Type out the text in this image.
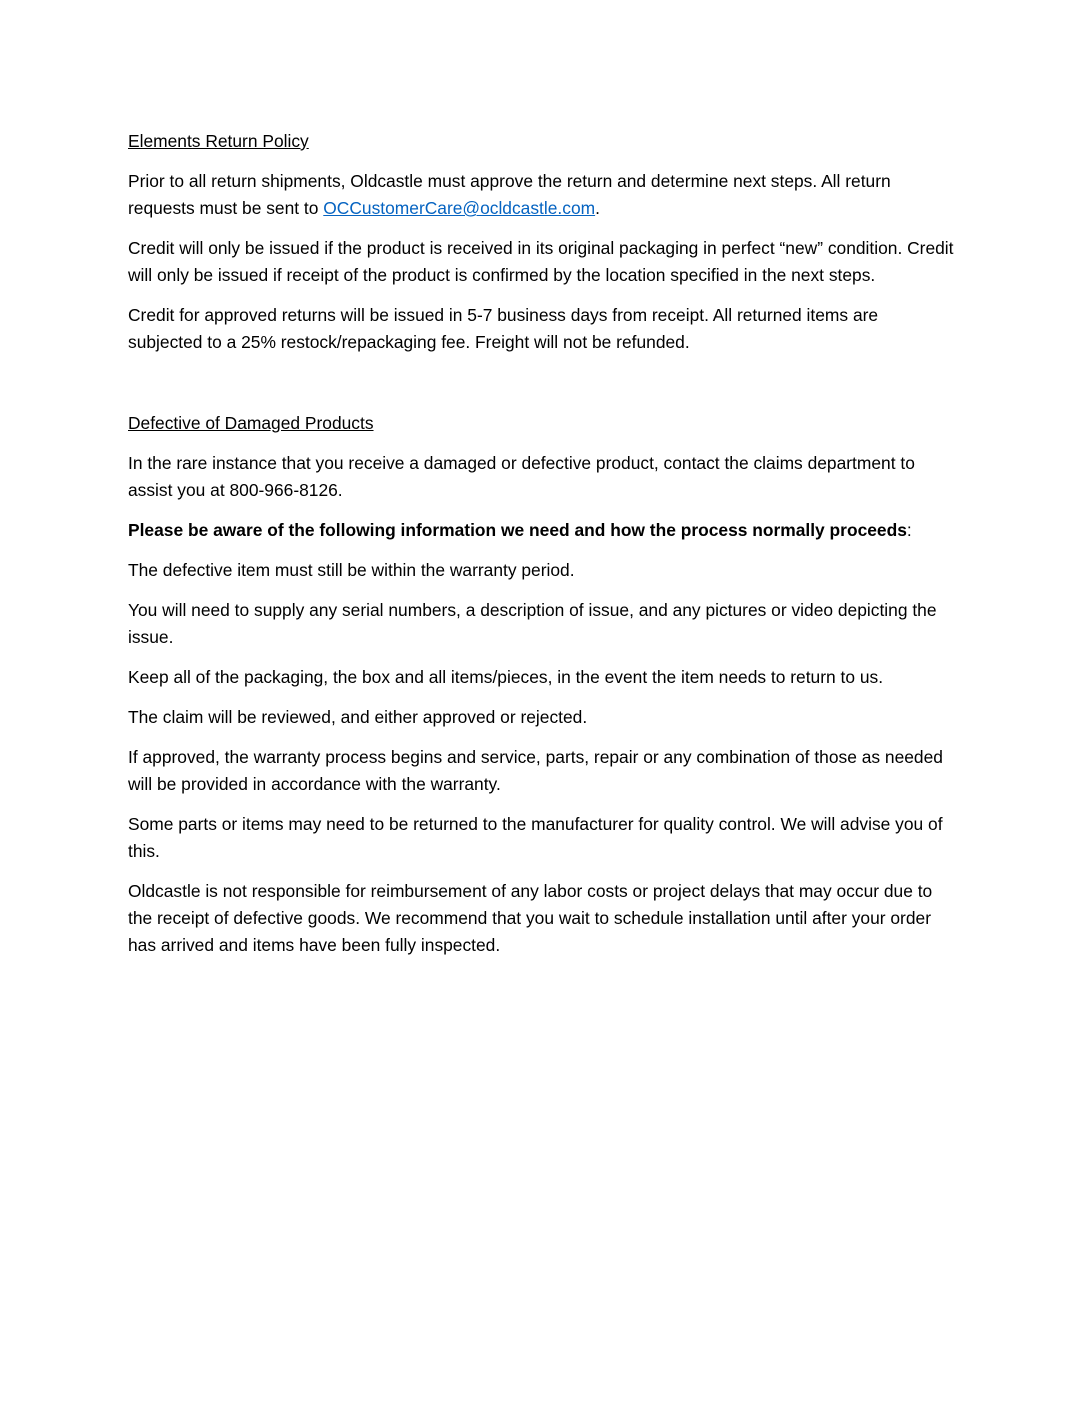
Elements Return Policy

Prior to all return shipments, Oldcastle must approve the return and determine next steps. All return requests must be sent to OCCustomerCare@ocldcastle.com.

Credit will only be issued if the product is received in its original packaging in perfect “new” condition. Credit will only be issued if receipt of the product is confirmed by the location specified in the next steps.

Credit for approved returns will be issued in 5-7 business days from receipt. All returned items are subjected to a 25% restock/repackaging fee. Freight will not be refunded.

Defective of Damaged Products

In the rare instance that you receive a damaged or defective product, contact the claims department to assist you at 800-966-8126.

Please be aware of the following information we need and how the process normally proceeds:

The defective item must still be within the warranty period.

You will need to supply any serial numbers, a description of issue, and any pictures or video depicting the issue.

Keep all of the packaging, the box and all items/pieces, in the event the item needs to return to us.

The claim will be reviewed, and either approved or rejected.

If approved, the warranty process begins and service, parts, repair or any combination of those as needed will be provided in accordance with the warranty.

Some parts or items may need to be returned to the manufacturer for quality control. We will advise you of this.

Oldcastle is not responsible for reimbursement of any labor costs or project delays that may occur due to the receipt of defective goods. We recommend that you wait to schedule installation until after your order has arrived and items have been fully inspected.
